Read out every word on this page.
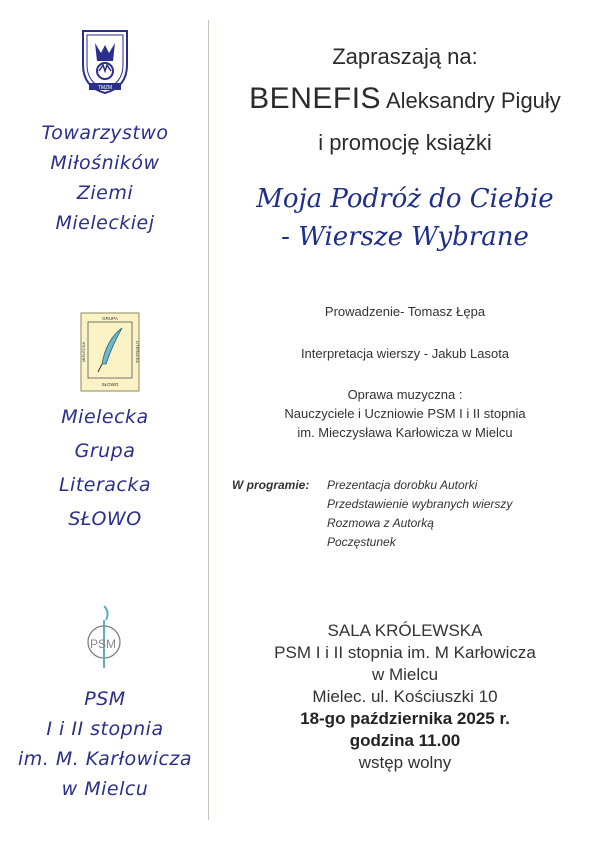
TMZM
Towarzystwo
Miłośników
Ziemi
Mieleckiej
GRUPA
LITERACKA
SŁOWO
MIELECKA
Mielecka
Grupa
Literacka
SŁOWO
PSM
PSM
I i II stopnia
im. M. Karłowicza
w Mielcu
Zapraszają na:
BENEFIS Aleksandry Piguły
i promocję książki
Moja Podróż do Ciebie
- Wiersze Wybrane
Prowadzenie- Tomasz Łępa
Interpretacja wierszy - Jakub Lasota
Oprawa muzyczna :
Nauczyciele i Uczniowie PSM I i II stopnia
im. Mieczysława Karłowicza w Mielcu
W programie:	Prezentacja dorobku Autorki
Przedstawienie wybranych wierszy
Rozmowa z Autorką
Poczęstunek
SALA KRÓLEWSKA
PSM I i II stopnia im. M Karłowicza
w Mielcu
Mielec. ul. Kościuszki 10
18-go października 2025 r.
godzina 11.00
wstęp wolny
